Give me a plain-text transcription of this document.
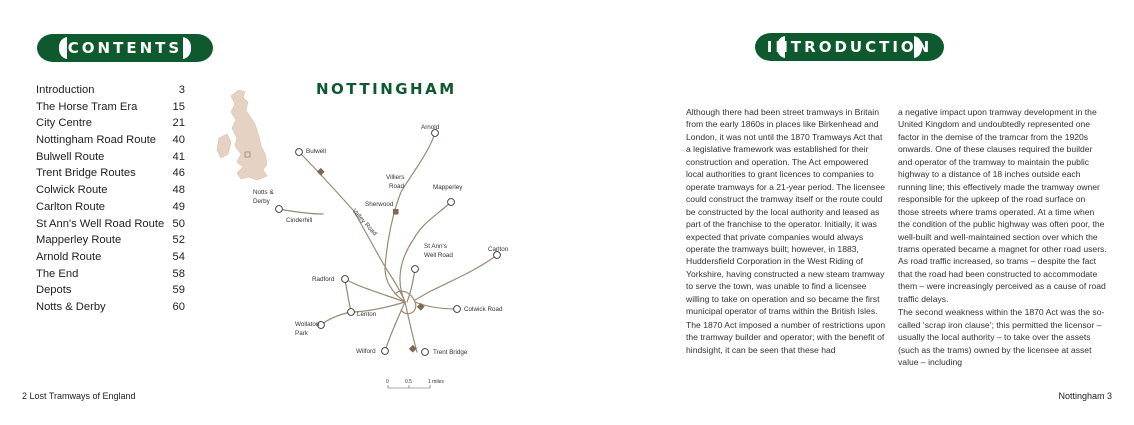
CONTENTS
Introduction	3
The Horse Tram Era	15
City Centre	21
Nottingham Road Route 40
Bulwell Route	41
Trent Bridge Routes	46
Colwick Route	48
Carlton Route	49
St Ann's Well Road Route 50
Mapperley Route	52
Arnold Route	54
The End	58
Depots	59
Notts & Derby	60
NOTTINGHAM
Arnold
Bulwell
Villiers
Road	Mapperley
Notts &
Derby	Sherwood
Cinderhill	Valley Road
St Ann's
Well Road
Carlton
Radford
Colwick Road
Lenton
Wollaton
Park
Wilford	Trent Bridge
0	0.5	1 miles
2 Lost Tramways of England
INTRODUCTION

Although there had been street tramways in Britain from the early 1860s in places like Birkenhead and London, it was not until the 1870 Tramways Act that a legislative framework was established for their construction and operation. The Act empowered local authorities to grant licences to companies to operate tramways for a 21-year period. The licensee could construct the tramway itself or the route could be constructed by the local authority and leased as part of the franchise to the operator. Initially, it was expected that private companies would always operate the tramways built; however, in 1883, Huddersfield Corporation in the West Riding of Yorkshire, having constructed a new steam tramway to serve the town, was unable to find a licensee willing to take on operation and so became the first municipal operator of trams within the British Isles.

The 1870 Act imposed a number of restrictions upon the tramway builder and operator; with the benefit of hindsight, it can be seen that these had

a negative impact upon tramway development in the United Kingdom and undoubtedly represented one factor in the demise of the tramcar from the 1920s onwards. One of these clauses required the builder and operator of the tramway to maintain the public highway to a distance of 18 inches outside each running line; this effectively made the tramway owner responsible for the upkeep of the road surface on those streets where trams operated. At a time when the condition of the public highway was often poor, the well-built and well-maintained section over which the trams operated became a magnet for other road users. As road traffic increased, so trams – despite the fact that the road had been constructed to accommodate them – were increasingly perceived as a cause of road traffic delays.

The second weakness within the 1870 Act was the so-called ‘scrap iron clause’; this permitted the licensor – usually the local authority – to take over the assets (such as the trams) owned by the licensee at asset value – including

Nottingham 3
